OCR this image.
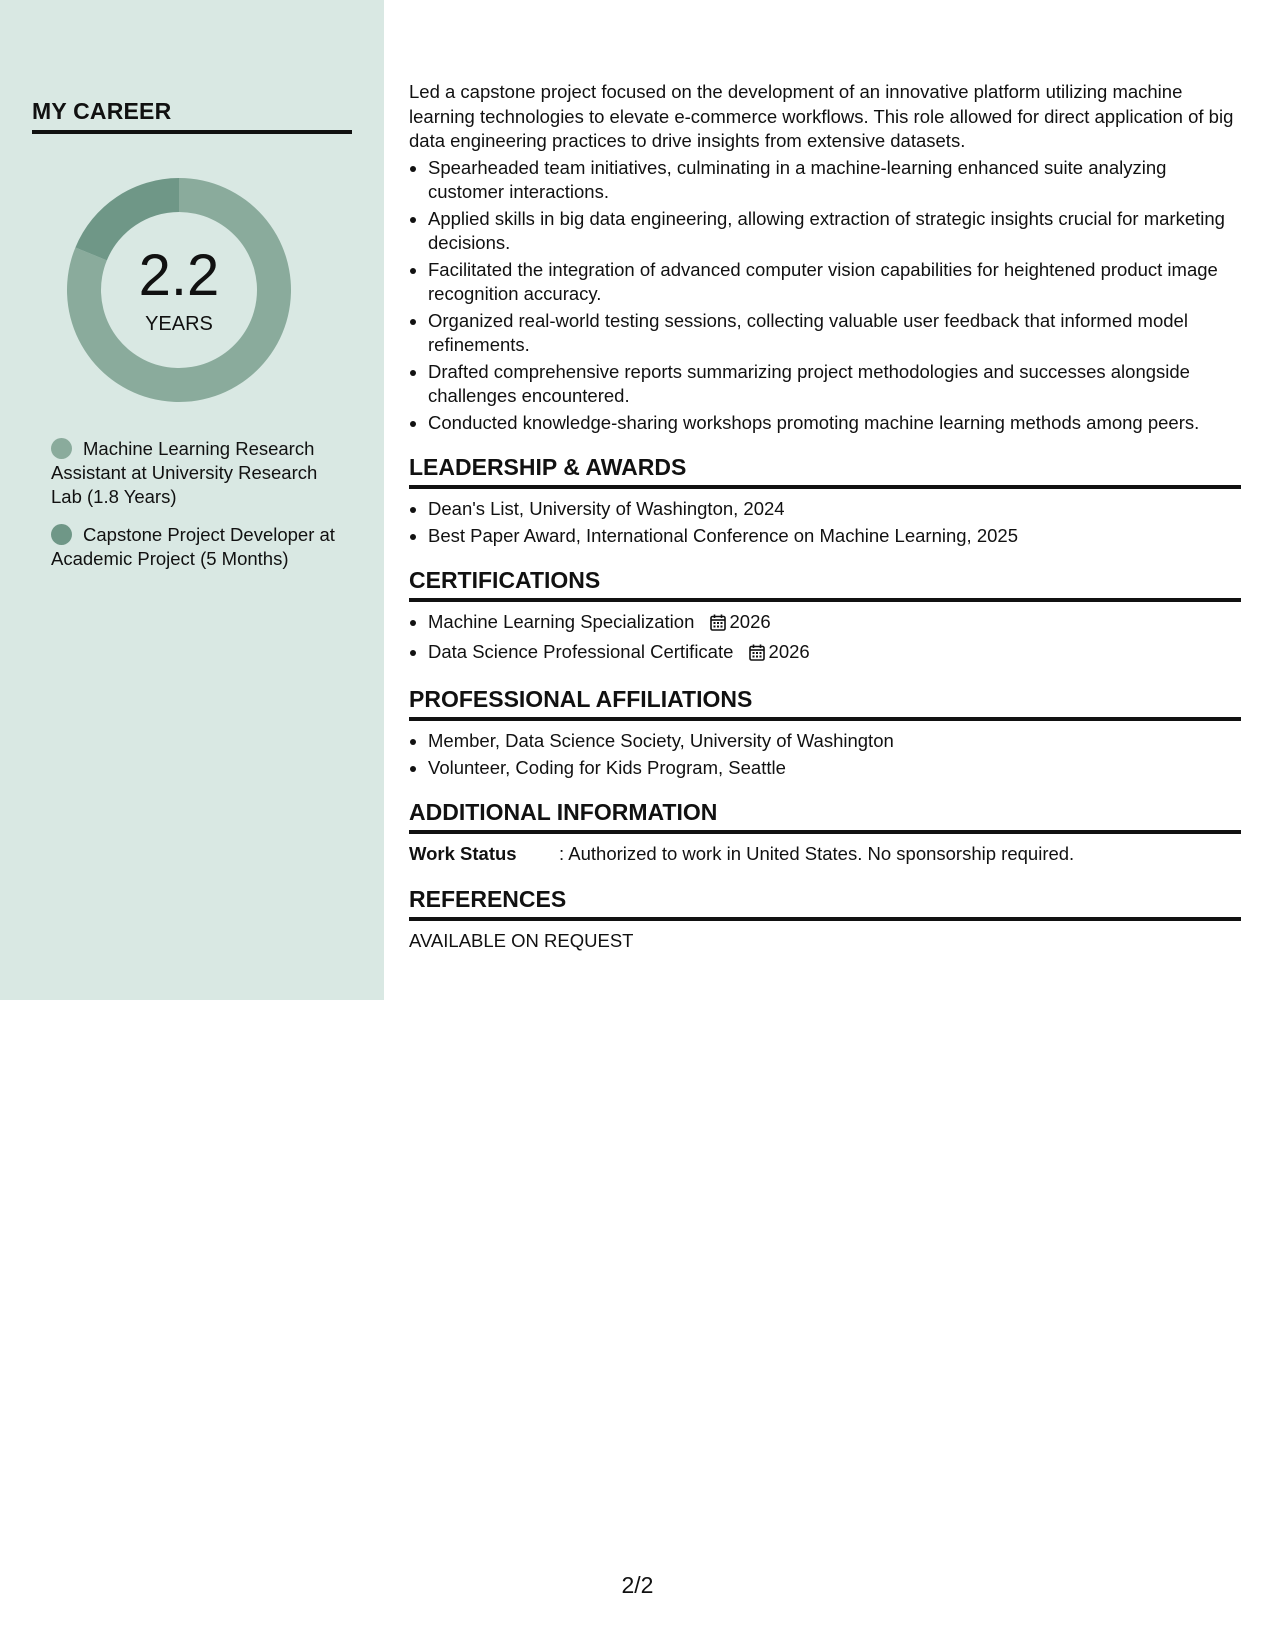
MY CAREER
2.2
YEARS
Machine Learning Research Assistant at University Research Lab (1.8 Years)
Capstone Project Developer at Academic Project (5 Months)

Led a capstone project focused on the development of an innovative platform utilizing machine learning technologies to elevate e-commerce workflows. This role allowed for direct application of big data engineering practices to drive insights from extensive datasets.

• Spearheaded team initiatives, culminating in a machine-learning enhanced suite analyzing customer interactions.
• Applied skills in big data engineering, allowing extraction of strategic insights crucial for marketing decisions.
• Facilitated the integration of advanced computer vision capabilities for heightened product image recognition accuracy.
• Organized real-world testing sessions, collecting valuable user feedback that informed model refinements.
• Drafted comprehensive reports summarizing project methodologies and successes alongside challenges encountered.
• Conducted knowledge-sharing workshops promoting machine learning methods among peers.
LEADERSHIP & AWARDS
• Dean's List, University of Washington, 2024
• Best Paper Award, International Conference on Machine Learning, 2025
CERTIFICATIONS
• Machine Learning Specialization 2026
• Data Science Professional Certificate 2026
PROFESSIONAL AFFILIATIONS
• Member, Data Science Society, University of Washington
• Volunteer, Coding for Kids Program, Seattle
ADDITIONAL INFORMATION
Work Status	: Authorized to work in United States. No sponsorship required.
REFERENCES
AVAILABLE ON REQUEST
2/2
